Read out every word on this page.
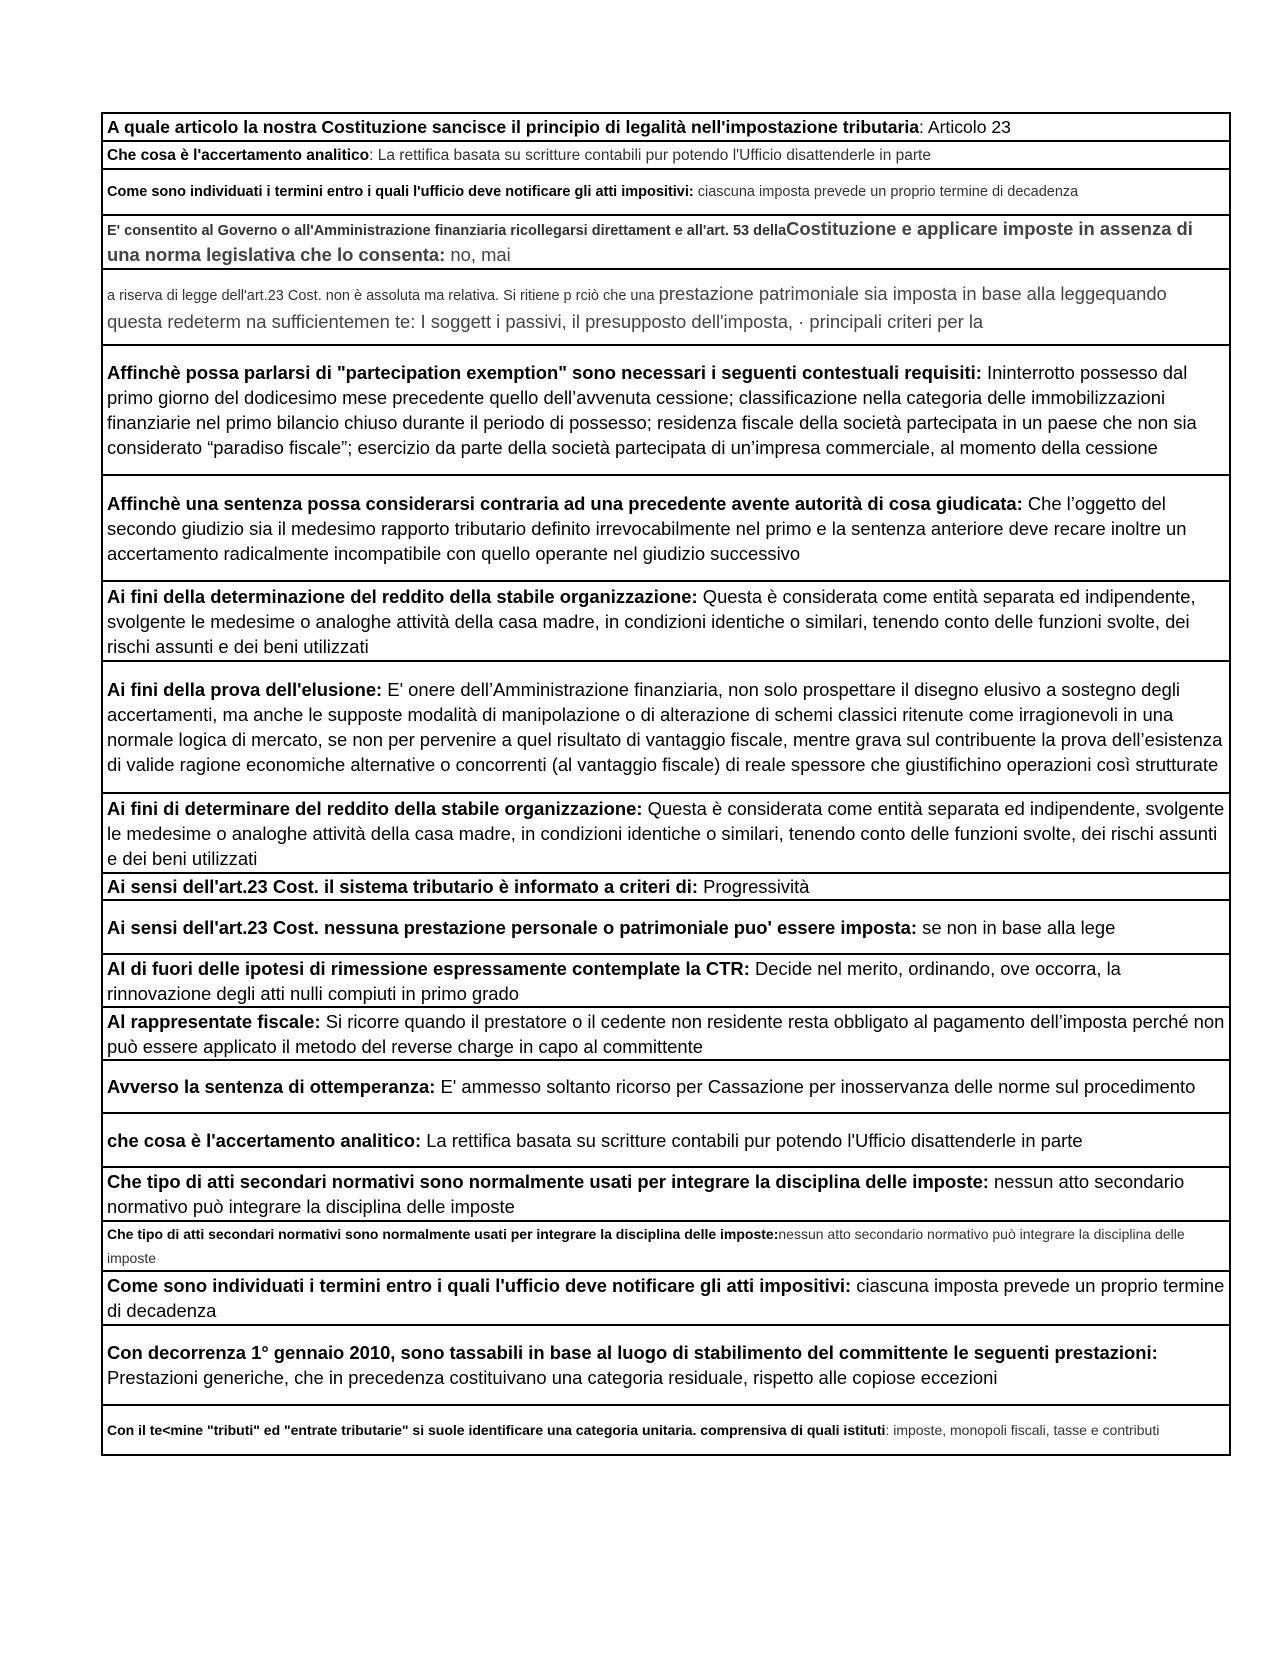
A quale articolo la nostra Costituzione sancisce il principio di legalità nell'impostazione tributaria: Articolo 23
Che cosa è l'accertamento analitico: La rettifica basata su scritture contabili pur potendo l'Ufficio disattenderle in parte
Come sono individuati i termini entro i quali l'ufficio deve notificare gli atti impositivi: ciascuna imposta prevede un proprio termine di decadenza
E' consentito al Governo o all'Amministrazione finanziaria ricollegarsi direttament e all'art. 53 dellaCostituzione e applicare imposte in assenza di una norma legislativa che lo consenta: no, mai
a riserva di legge dell'art.23 Cost. non è assoluta ma relativa. Si ritiene p rciò che una prestazione patrimoniale sia imposta in base alla leggequando questa redeterm na sufficientemen te: I soggett i passivi, il presupposto dell'imposta, · principali criteri per la
Affinchè possa parlarsi di "partecipation exemption" sono necessari i seguenti contestuali requisiti: Ininterrotto possesso dal primo giorno del dodicesimo mese precedente quello dell’avvenuta cessione; classificazione nella categoria delle immobilizzazioni finanziarie nel primo bilancio chiuso durante il periodo di possesso; residenza fiscale della società partecipata in un paese che non sia considerato “paradiso fiscale”; esercizio da parte della società partecipata di un’impresa commerciale, al momento della cessione
Affinchè una sentenza possa considerarsi contraria ad una precedente avente autorità di cosa giudicata: Che l’oggetto del secondo giudizio sia il medesimo rapporto tributario definito irrevocabilmente nel primo e la sentenza anteriore deve recare inoltre un accertamento radicalmente incompatibile con quello operante nel giudizio successivo
Ai fini della determinazione del reddito della stabile organizzazione: Questa è considerata come entità separata ed indipendente, svolgente le medesime o analoghe attività della casa madre, in condizioni identiche o similari, tenendo conto delle funzioni svolte, dei rischi assunti e dei beni utilizzati
Ai fini della prova dell'elusione: E' onere dell’Amministrazione finanziaria, non solo prospettare il disegno elusivo a sostegno degli accertamenti, ma anche le supposte modalità di manipolazione o di alterazione di schemi classici ritenute come irragionevoli in una normale logica di mercato, se non per pervenire a quel risultato di vantaggio fiscale, mentre grava sul contribuente la prova dell’esistenza di valide ragione economiche alternative o concorrenti (al vantaggio fiscale) di reale spessore che giustifichino operazioni così strutturate
Ai fini di determinare del reddito della stabile organizzazione: Questa è considerata come entità separata ed indipendente, svolgente le medesime o analoghe attività della casa madre, in condizioni identiche o similari, tenendo conto delle funzioni svolte, dei rischi assunti e dei beni utilizzati
Ai sensi dell'art.23 Cost. il sistema tributario è informato a criteri di: Progressività
Ai sensi dell'art.23 Cost. nessuna prestazione personale o patrimoniale puo' essere imposta: se non in base alla lege
Al di fuori delle ipotesi di rimessione espressamente contemplate la CTR: Decide nel merito, ordinando, ove occorra, la rinnovazione degli atti nulli compiuti in primo grado
Al rappresentate fiscale: Si ricorre quando il prestatore o il cedente non residente resta obbligato al pagamento dell’imposta perché non può essere applicato il metodo del reverse charge in capo al committente
Avverso la sentenza di ottemperanza: E' ammesso soltanto ricorso per Cassazione per inosservanza delle norme sul procedimento
che cosa è l'accertamento analitico: La rettifica basata su scritture contabili pur potendo l'Ufficio disattenderle in parte
Che tipo di atti secondari normativi sono normalmente usati per integrare la disciplina delle imposte: nessun atto secondario normativo può integrare la disciplina delle imposte
Che tipo di atti secondari normativi sono normalmente usati per integrare la disciplina delle imposte:nessun atto secondario normativo può integrare la disciplina delle imposte
Come sono individuati i termini entro i quali l'ufficio deve notificare gli atti impositivi: ciascuna imposta prevede un proprio termine di decadenza
Con decorrenza 1° gennaio 2010, sono tassabili in base al luogo di stabilimento del committente le seguenti prestazioni: Prestazioni generiche, che in precedenza costituivano una categoria residuale, rispetto alle copiose eccezioni
Con il te<mine "tributi" ed "entrate tributarie" si suole identificare una categoria unitaria. comprensiva di quali istituti: imposte, monopoli fiscali, tasse e contributi
